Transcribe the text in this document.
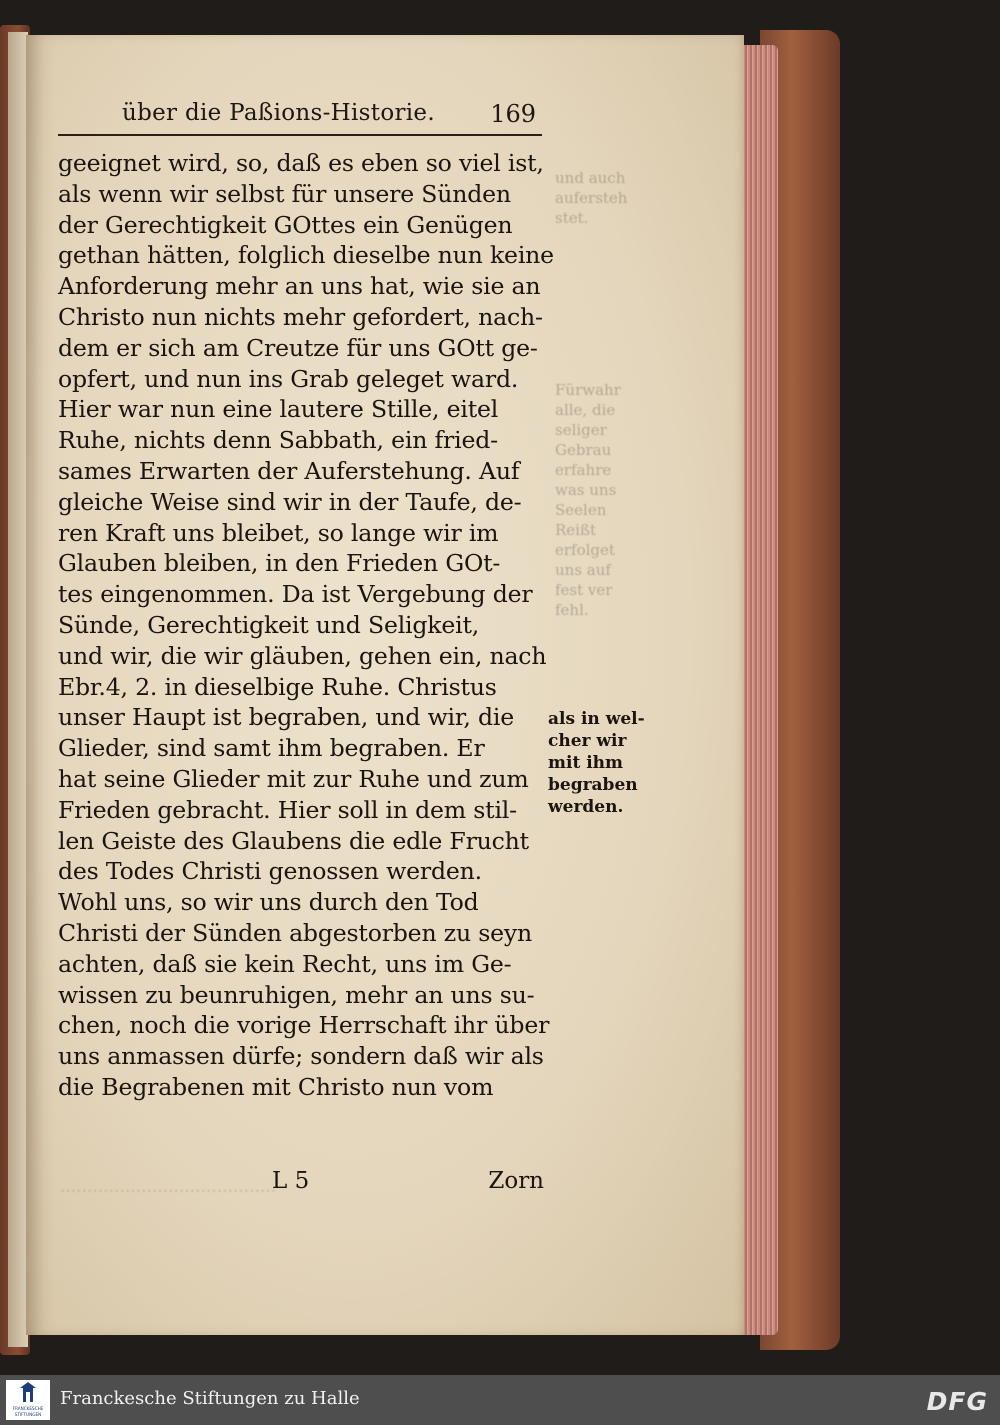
und auch
aufersteh
stet.
Fürwahr
alle, die
seliger
Gebrau
erfahre
was uns
Seelen
Reißt
erfolget
uns auf
fest ver
fehl.
........................................
über die Paßions-Historie. 169
geeignet wird, so, daß es eben so viel ist,
als wenn wir selbst für unsere Sünden
der Gerechtigkeit GOttes ein Genügen
gethan hätten, folglich dieselbe nun keine
Anforderung mehr an uns hat, wie sie an
Christo nun nichts mehr gefordert, nach-
dem er sich am Creutze für uns GOtt ge-
opfert, und nun ins Grab geleget ward.
Hier war nun eine lautere Stille, eitel
Ruhe, nichts denn Sabbath, ein fried-
sames Erwarten der Auferstehung. Auf
gleiche Weise sind wir in der Taufe, de-
ren Kraft uns bleibet, so lange wir im
Glauben bleiben, in den Frieden GOt-
tes eingenommen. Da ist Vergebung der
Sünde, Gerechtigkeit und Seligkeit,
und wir, die wir gläuben, gehen ein, nach
Ebr.4, 2. in dieselbige Ruhe. Christus
unser Haupt ist begraben, und wir, die
Glieder, sind samt ihm begraben. Er
hat seine Glieder mit zur Ruhe und zum
Frieden gebracht. Hier soll in dem stil-
len Geiste des Glaubens die edle Frucht
des Todes Christi genossen werden.
Wohl uns, so wir uns durch den Tod
Christi der Sünden abgestorben zu seyn
achten, daß sie kein Recht, uns im Ge-
wissen zu beunruhigen, mehr an uns su-
chen, noch die vorige Herrschaft ihr über
uns anmassen dürfe; sondern daß wir als
die Begrabenen mit Christo nun vom
als in wel-
cher wir
mit ihm
begraben
werden.
L 5	Zorn
FRANCKESCHE
STIFTUNGEN
Franckesche Stiftungen zu Halle	DFG
